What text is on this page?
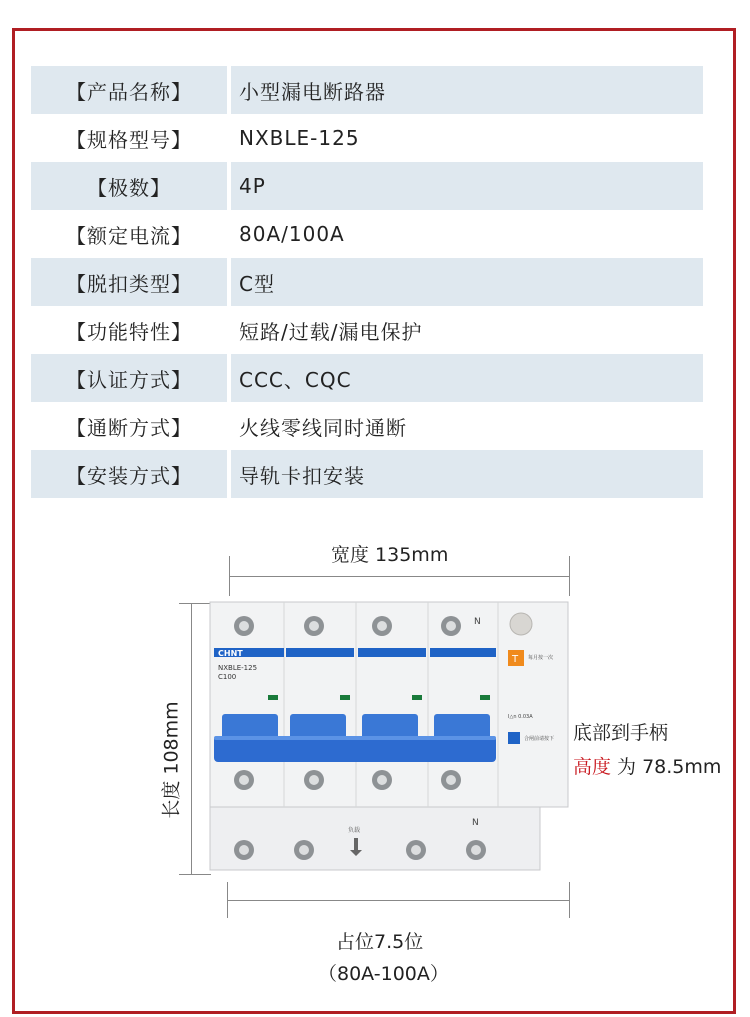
【产品名称】	小型漏电断路器
【规格型号】	NXBLE-125
【极数】	4P
【额定电流】	80A/100A
【脱扣类型】	C型
【功能特性】	短路/过载/漏电保护
【认证方式】	CCC、CQC
【通断方式】	火线零线同时通断
【安装方式】	导轨卡扣安装
宽度 135mm
长度 108mm	底部到手柄
高度 为 78.5mm
占位7.5位
（80A-100A）
N
CHNT
NXBLE-125
C100
T 每月按一次
I△n 0.03A
合闸前请按下
N
负载
